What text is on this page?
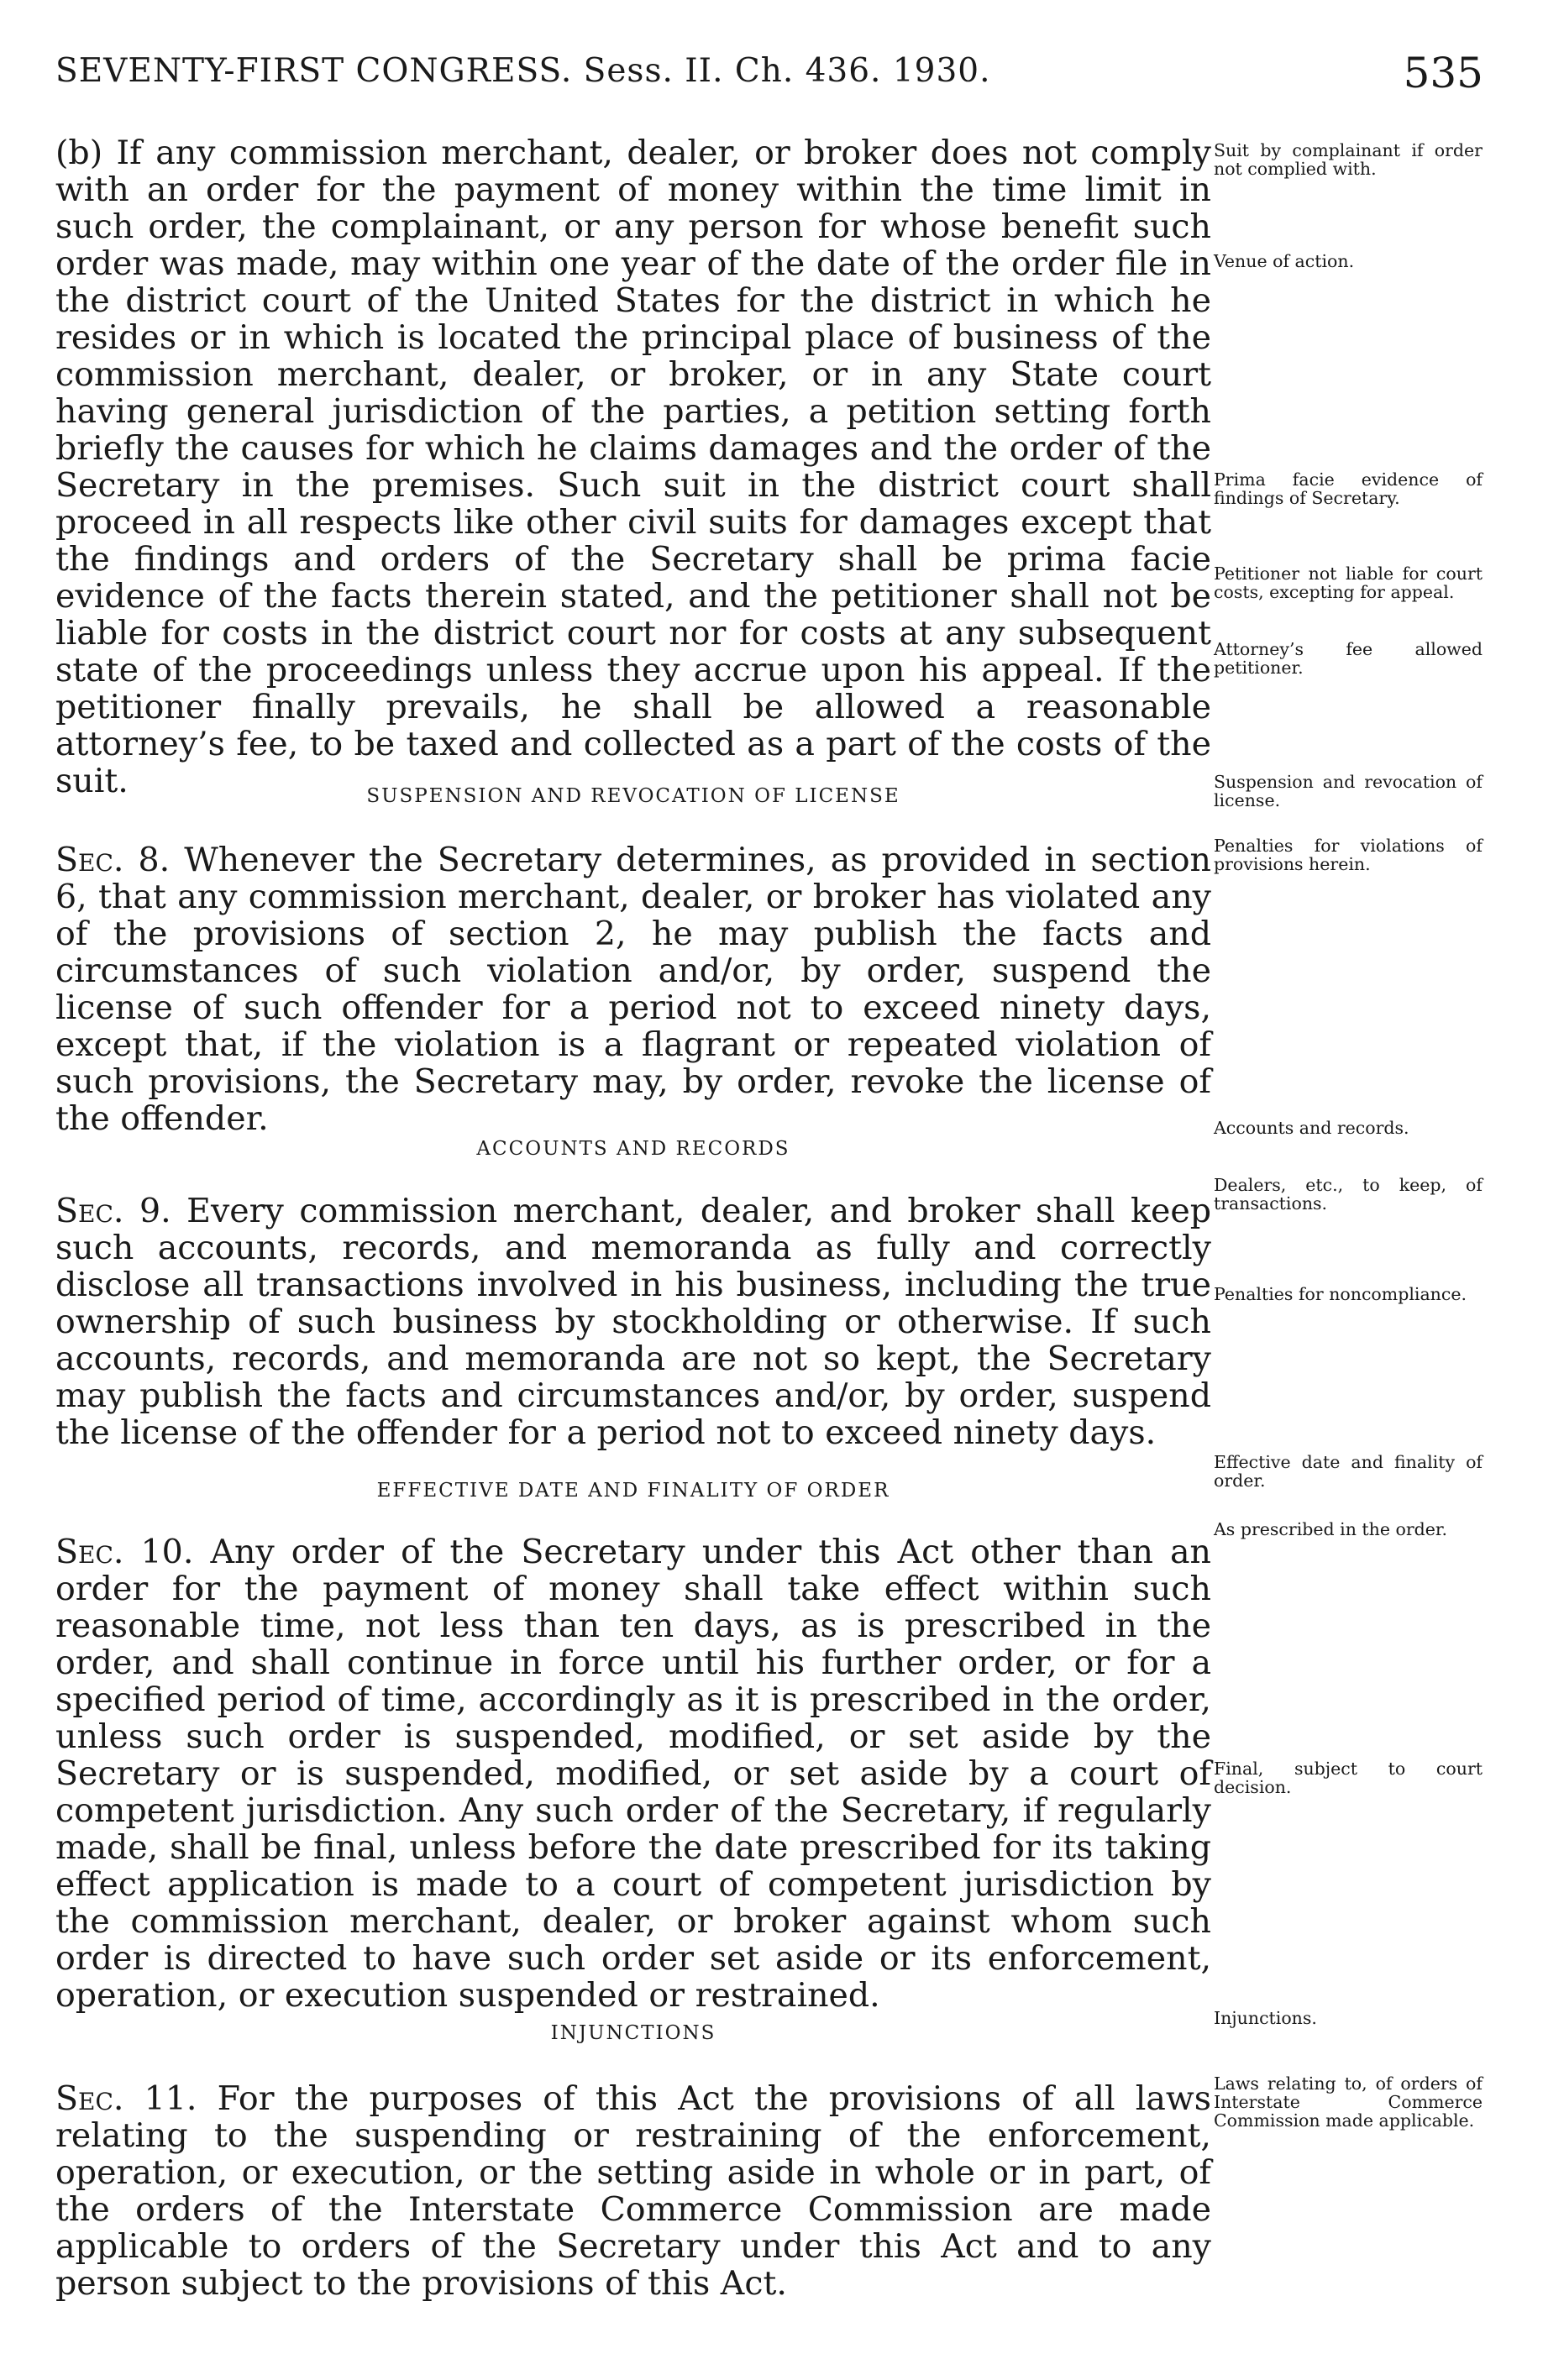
SEVENTY-FIRST CONGRESS. Sess. II. Ch. 436. 1930.	535

(b) If any commission merchant, dealer, or broker does not comply with an order for the payment of money within the time limit in such order, the complainant, or any person for whose benefit such order was made, may within one year of the date of the order file in the district court of the United States for the district in which he resides or in which is located the principal place of business of the commission merchant, dealer, or broker, or in any State court having general jurisdiction of the parties, a petition setting forth briefly the causes for which he claims damages and the order of the Secretary in the premises. Such suit in the district court shall proceed in all respects like other civil suits for damages except that the findings and orders of the Secretary shall be prima facie evidence of the facts therein stated, and the petitioner shall not be liable for costs in the district court nor for costs at any subsequent state of the proceedings unless they accrue upon his appeal. If the petitioner finally prevails, he shall be allowed a reasonable attorney’s fee, to be taxed and collected as a part of the costs of the suit.	SUSPENSION AND REVOCATION OF LICENSE

Sec. 8. Whenever the Secretary determines, as provided in section 6, that any commission merchant, dealer, or broker has violated any of the provisions of section 2, he may publish the facts and circumstances of such violation and/or, by order, suspend the license of such offender for a period not to exceed ninety days, except that, if the violation is a flagrant or repeated violation of such provisions, the Secretary may, by order, revoke the license of the offender.

ACCOUNTS AND RECORDS

Sec. 9. Every commission merchant, dealer, and broker shall keep such accounts, records, and memoranda as fully and correctly disclose all transactions involved in his business, including the true ownership of such business by stockholding or otherwise. If such accounts, records, and memoranda are not so kept, the Secretary may publish the facts and circumstances and/or, by order, suspend the license of the offender for a period not to exceed ninety days.

EFFECTIVE DATE AND FINALITY OF ORDER

Sec. 10. Any order of the Secretary under this Act other than an order for the payment of money shall take effect within such reasonable time, not less than ten days, as is prescribed in the order, and shall continue in force until his further order, or for a specified period of time, accordingly as it is prescribed in the order, unless such order is suspended, modified, or set aside by the Secretary or is suspended, modified, or set aside by a court of competent jurisdiction. Any such order of the Secretary, if regularly made, shall be final, unless before the date prescribed for its taking effect application is made to a court of competent jurisdiction by the commission merchant, dealer, or broker against whom such order is directed to have such order set aside or its enforcement, operation, or execution suspended or restrained.

INJUNCTIONS

Sec. 11. For the purposes of this Act the provisions of all laws relating to the suspending or restraining of the enforcement, operation, or execution, or the setting aside in whole or in part, of the orders of the Interstate Commerce Commission are made applicable to orders of the Secretary under this Act and to any person subject to the provisions of this Act.

Suit by complainant if order not complied with.

Venue of action.

Prima facie evidence of findings of Secretary.

Petitioner not liable for court costs, excepting for appeal.

Attorney’s fee allowed petitioner.

Suspension and revocation of license.

Penalties for violations of provisions herein.

Accounts and records.

Dealers, etc., to keep, of transactions.

Penalties for noncompliance.

Effective date and finality of order.

As prescribed in the order.

Final, subject to court decision.

Injunctions.

Laws relating to, of orders of Interstate Commerce Commission made applicable.
